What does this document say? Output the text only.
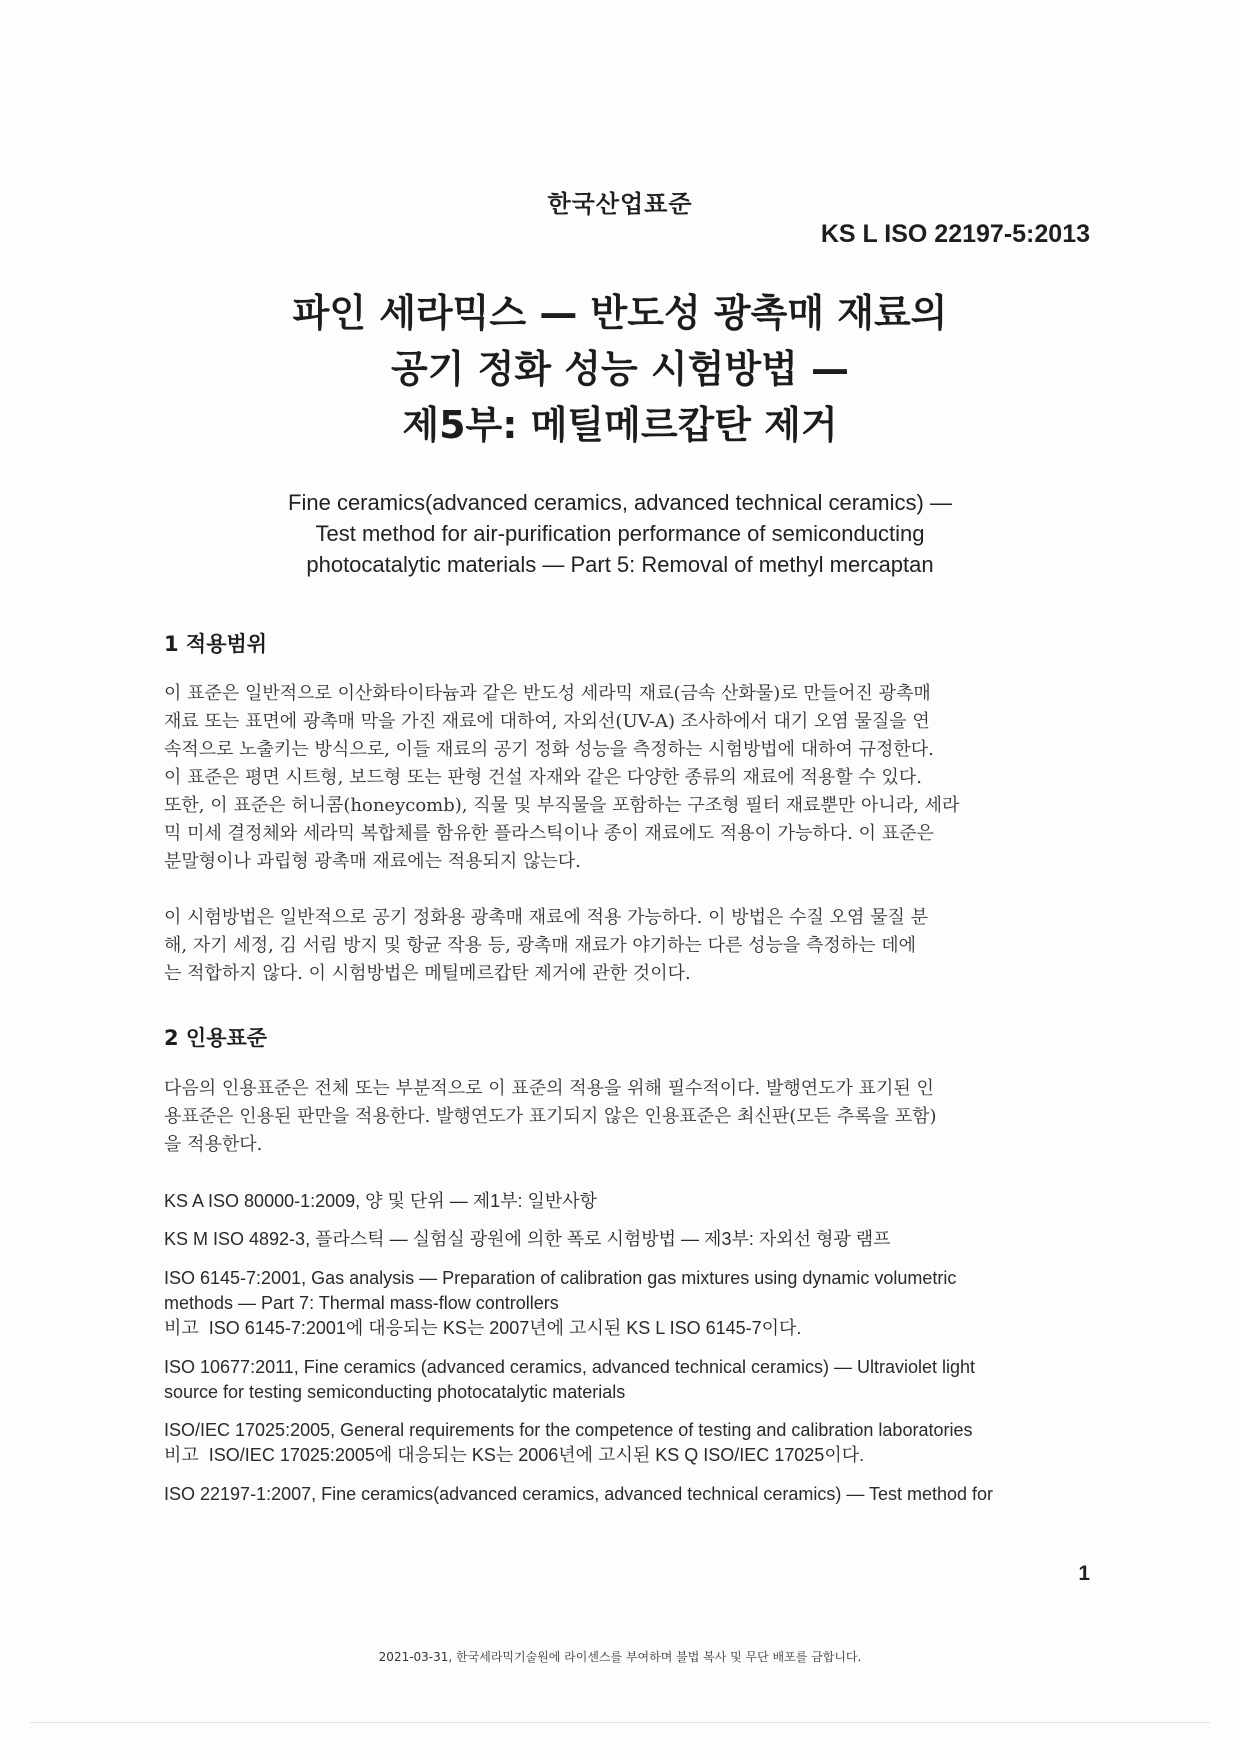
한국산업표준
KS L ISO 22197-5:2013
파인 세라믹스 — 반도성 광촉매 재료의
공기 정화 성능 시험방법 —
제5부: 메틸메르캅탄 제거
Fine ceramics(advanced ceramics, advanced technical ceramics) —
Test method for air-purification performance of semiconducting
photocatalytic materials — Part 5: Removal of methyl mercaptan
1 적용범위
이 표준은 일반적으로 이산화타이타늄과 같은 반도성 세라믹 재료(금속 산화물)로 만들어진 광촉매
재료 또는 표면에 광촉매 막을 가진 재료에 대하여, 자외선(UV-A) 조사하에서 대기 오염 물질을 연
속적으로 노출키는 방식으로, 이들 재료의 공기 정화 성능을 측정하는 시험방법에 대하여 규정한다.
이 표준은 평면 시트형, 보드형 또는 판형 건설 자재와 같은 다양한 종류의 재료에 적용할 수 있다.
또한, 이 표준은 허니콤(honeycomb), 직물 및 부직물을 포함하는 구조형 필터 재료뿐만 아니라, 세라
믹 미세 결정체와 세라믹 복합체를 함유한 플라스틱이나 종이 재료에도 적용이 가능하다. 이 표준은
분말형이나 과립형 광촉매 재료에는 적용되지 않는다.
이 시험방법은 일반적으로 공기 정화용 광촉매 재료에 적용 가능하다. 이 방법은 수질 오염 물질 분
해, 자기 세정, 김 서림 방지 및 항균 작용 등, 광촉매 재료가 야기하는 다른 성능을 측정하는 데에
는 적합하지 않다. 이 시험방법은 메틸메르캅탄 제거에 관한 것이다.
2 인용표준
다음의 인용표준은 전체 또는 부분적으로 이 표준의 적용을 위해 필수적이다. 발행연도가 표기된 인
용표준은 인용된 판만을 적용한다. 발행연도가 표기되지 않은 인용표준은 최신판(모든 추록을 포함)
을 적용한다.
KS A ISO 80000-1:2009, 양 및 단위 — 제1부: 일반사항
KS M ISO 4892-3, 플라스틱 — 실험실 광원에 의한 폭로 시험방법 — 제3부: 자외선 형광 램프
ISO 6145-7:2001, Gas analysis — Preparation of calibration gas mixtures using dynamic volumetric
methods — Part 7: Thermal mass-flow controllers
비고 ISO 6145-7:2001에 대응되는 KS는 2007년에 고시된 KS L ISO 6145-7이다.
ISO 10677:2011, Fine ceramics (advanced ceramics, advanced technical ceramics) — Ultraviolet light
source for testing semiconducting photocatalytic materials
ISO/IEC 17025:2005, General requirements for the competence of testing and calibration laboratories
비고 ISO/IEC 17025:2005에 대응되는 KS는 2006년에 고시된 KS Q ISO/IEC 17025이다.
ISO 22197-1:2007, Fine ceramics(advanced ceramics, advanced technical ceramics) — Test method for
1
2021-03-31, 한국세라믹기술원에 라이센스를 부여하며 불법 복사 및 무단 배포를 금합니다.
